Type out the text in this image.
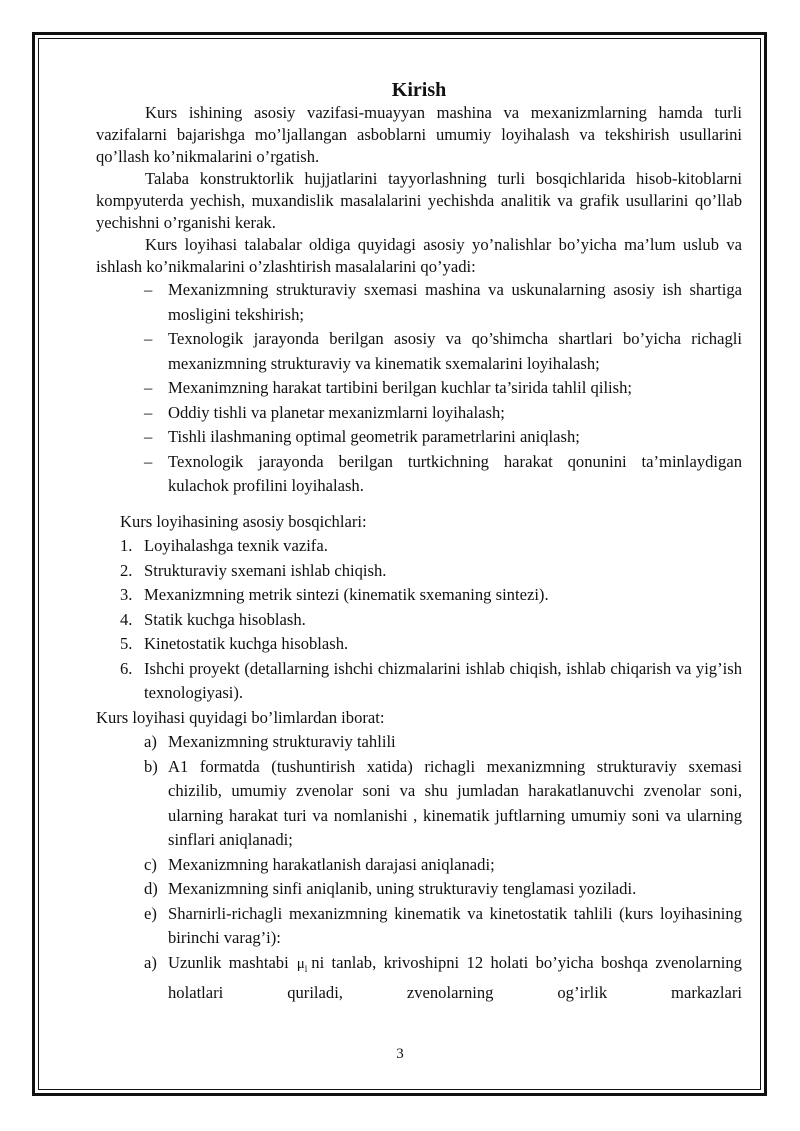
Kirish

Kurs ishining asosiy vazifasi-muayyan mashina va mexanizmlarning hamda turli vazifalarni bajarishga mo’ljallangan asboblarni umumiy loyihalash va tekshirish usullarini qo’llash ko’nikmalarini o’rgatish.

Talaba konstruktorlik hujjatlarini tayyorlashning turli bosqichlarida hisob-kitoblarni kompyuterda yechish, muxandislik masalalarini yechishda analitik va grafik usullarini qo’llab yechishni o’rganishi kerak.

Kurs loyihasi talabalar oldiga quyidagi asosiy yo’nalishlar bo’yicha ma’lum uslub va ishlash ko’nikmalarini o’zlashtirish masalalarini qo’yadi:

– Mexanizmning strukturaviy sxemasi mashina va uskunalarning asosiy ish shartiga mosligini tekshirish;
– Texnologik jarayonda berilgan asosiy va qo’shimcha shartlari bo’yicha richagli mexanizmning strukturaviy va kinematik sxemalarini loyihalash;
– Mexanimzning harakat tartibini berilgan kuchlar ta’sirida tahlil qilish;
– Oddiy tishli va planetar mexanizmlarni loyihalash;
– Tishli ilashmaning optimal geometrik parametrlarini aniqlash;
– Texnologik jarayonda berilgan turtkichning harakat qonunini ta’minlaydigan kulachok profilini loyihalash.
Kurs loyihasining asosiy bosqichlari:
1. Loyihalashga texnik vazifa.
2. Strukturaviy sxemani ishlab chiqish.
3. Mexanizmning metrik sintezi (kinematik sxemaning sintezi).
4. Statik kuchga hisoblash.
5. Kinetostatik kuchga hisoblash.
6. Ishchi proyekt (detallarning ishchi chizmalarini ishlab chiqish, ishlab chiqarish va yig’ish texnologiyasi).
Kurs loyihasi quyidagi bo’limlardan iborat:
a) Mexanizmning strukturaviy tahlili
b) A1 formatda (tushuntirish xatida) richagli mexanizmning strukturaviy sxemasi chizilib, umumiy zvenolar soni va shu jumladan harakatlanuvchi zvenolar soni, ularning harakat turi va nomlanishi , kinematik juftlarning umumiy soni va ularning sinflari aniqlanadi;
c) Mexanizmning harakatlanish darajasi aniqlanadi;
d) Mexanizmning sinfi aniqlanib, uning strukturaviy tenglamasi yoziladi.
e) Sharnirli-richagli mexanizmning kinematik va kinetostatik tahlili (kurs loyihasining birinchi varag’i):
a) Uzunlik mashtabi $\mu_l$ ni tanlab, krivoshipni 12 holati bo’yicha boshqa zvenolarning holatlari quriladi, zvenolarning og’irlik markazlari
3
